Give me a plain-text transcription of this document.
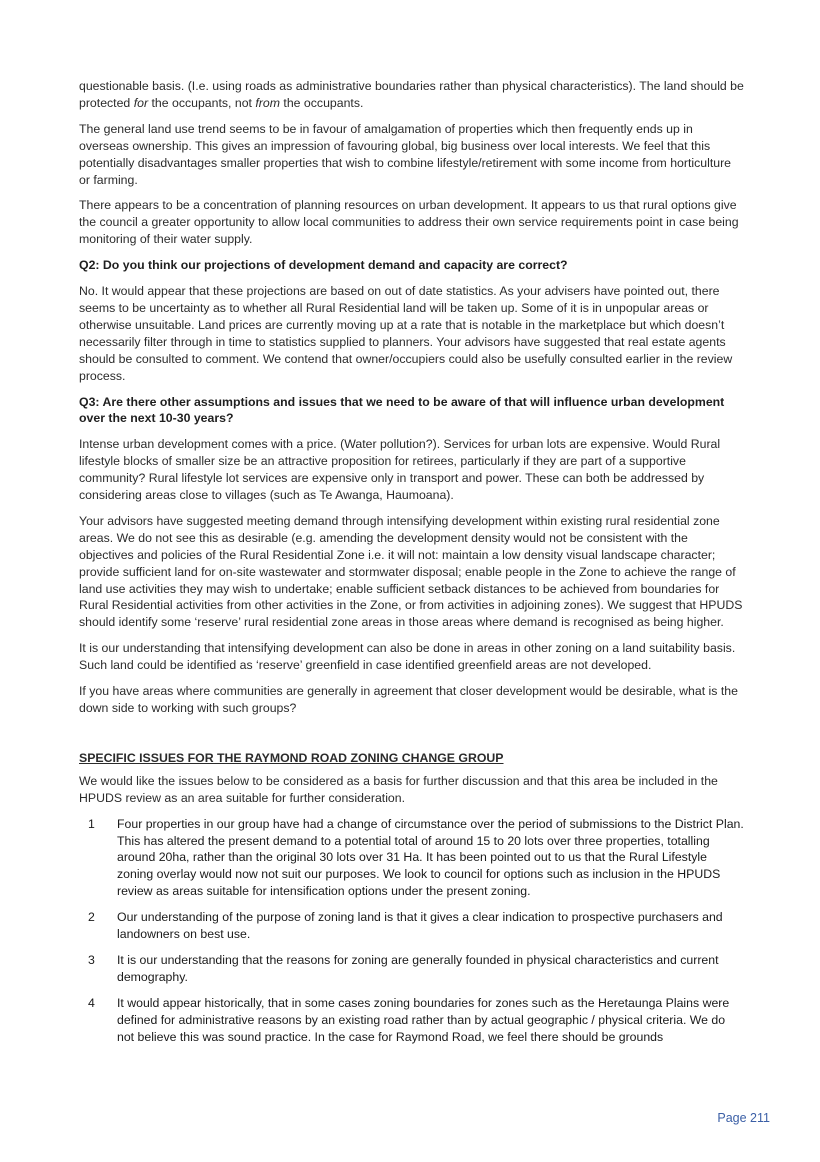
questionable basis. (I.e. using roads as administrative boundaries rather than physical characteristics). The land should be protected for the occupants, not from the occupants.

The general land use trend seems to be in favour of amalgamation of properties which then frequently ends up in overseas ownership. This gives an impression of favouring global, big business over local interests. We feel that this potentially disadvantages smaller properties that wish to combine lifestyle/retirement with some income from horticulture or farming.

There appears to be a concentration of planning resources on urban development. It appears to us that rural options give the council a greater opportunity to allow local communities to address their own service requirements point in case being monitoring of their water supply.

Q2: Do you think our projections of development demand and capacity are correct?

No. It would appear that these projections are based on out of date statistics. As your advisers have pointed out, there seems to be uncertainty as to whether all Rural Residential land will be taken up. Some of it is in unpopular areas or otherwise unsuitable. Land prices are currently moving up at a rate that is notable in the marketplace but which doesn’t necessarily filter through in time to statistics supplied to planners. Your advisors have suggested that real estate agents should be consulted to comment. We contend that owner/occupiers could also be usefully consulted earlier in the review process.

Q3: Are there other assumptions and issues that we need to be aware of that will influence urban development over the next 10-30 years?

Intense urban development comes with a price. (Water pollution?). Services for urban lots are expensive. Would Rural lifestyle blocks of smaller size be an attractive proposition for retirees, particularly if they are part of a supportive community? Rural lifestyle lot services are expensive only in transport and power. These can both be addressed by considering areas close to villages (such as Te Awanga, Haumoana).

Your advisors have suggested meeting demand through intensifying development within existing rural residential zone areas. We do not see this as desirable (e.g. amending the development density would not be consistent with the objectives and policies of the Rural Residential Zone i.e. it will not: maintain a low density visual landscape character; provide sufficient land for on-site wastewater and stormwater disposal; enable people in the Zone to achieve the range of land use activities they may wish to undertake; enable sufficient setback distances to be achieved from boundaries for Rural Residential activities from other activities in the Zone, or from activities in adjoining zones). We suggest that HPUDS should identify some ‘reserve’ rural residential zone areas in those areas where demand is recognised as being higher.

It is our understanding that intensifying development can also be done in areas in other zoning on a land suitability basis. Such land could be identified as ‘reserve’ greenfield in case identified greenfield areas are not developed.

If you have areas where communities are generally in agreement that closer development would be desirable, what is the down side to working with such groups?

SPECIFIC ISSUES FOR THE RAYMOND ROAD ZONING CHANGE GROUP

We would like the issues below to be considered as a basis for further discussion and that this area be included in the HPUDS review as an area suitable for further consideration.

1 Four properties in our group have had a change of circumstance over the period of submissions to the District Plan. This has altered the present demand to a potential total of around 15 to 20 lots over three properties, totalling around 20ha, rather than the original 30 lots over 31 Ha. It has been pointed out to us that the Rural Lifestyle zoning overlay would now not suit our purposes. We look to council for options such as inclusion in the HPUDS review as areas suitable for intensification options under the present zoning.
2 Our understanding of the purpose of zoning land is that it gives a clear indication to prospective purchasers and landowners on best use.
3 It is our understanding that the reasons for zoning are generally founded in physical characteristics and current demography.
4 It would appear historically, that in some cases zoning boundaries for zones such as the Heretaunga Plains were defined for administrative reasons by an existing road rather than by actual geographic / physical criteria. We do not believe this was sound practice. In the case for Raymond Road, we feel there should be grounds
Page 211
